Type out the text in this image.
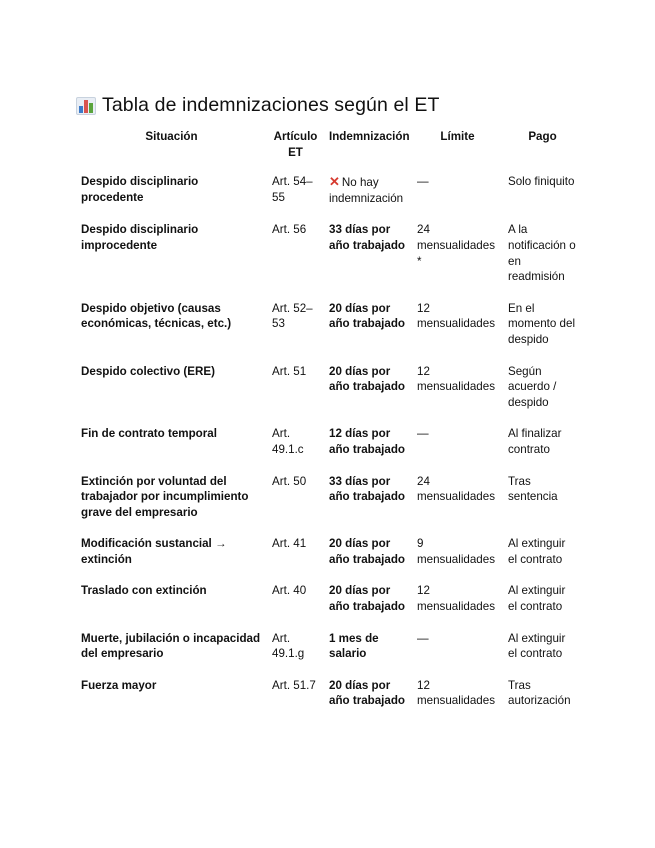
Tabla de indemnizaciones según el ET
Situación	Artículo ET	Indemnización	Límite	Pago
Despido disciplinario procedente	Art. 54–55	✕ No hay indemnización	—	Solo finiquito
Despido disciplinario improcedente	Art. 56	33 días por año trabajado	24 mensualidades *	A la notificación o en readmisión
Despido objetivo (causas económicas, técnicas, etc.)	Art. 52–53	20 días por año trabajado	12 mensualidades	En el momento del despido
Despido colectivo (ERE)	Art. 51	20 días por año trabajado	12 mensualidades	Según acuerdo / despido
Fin de contrato temporal	Art. 49.1.c	12 días por año trabajado	—	Al finalizar contrato
Extinción por voluntad del trabajador por incumplimiento grave del empresario	Art. 50	33 días por año trabajado	24 mensualidades	Tras sentencia
Modificación sustancial → extinción	Art. 41	20 días por año trabajado	9 mensualidades	Al extinguir el contrato
Traslado con extinción	Art. 40	20 días por año trabajado	12 mensualidades	Al extinguir el contrato
Muerte, jubilación o incapacidad del empresario	Art. 49.1.g	1 mes de salario	—	Al extinguir el contrato
Fuerza mayor	Art. 51.7	20 días por año trabajado	12 mensualidades	Tras autorización
